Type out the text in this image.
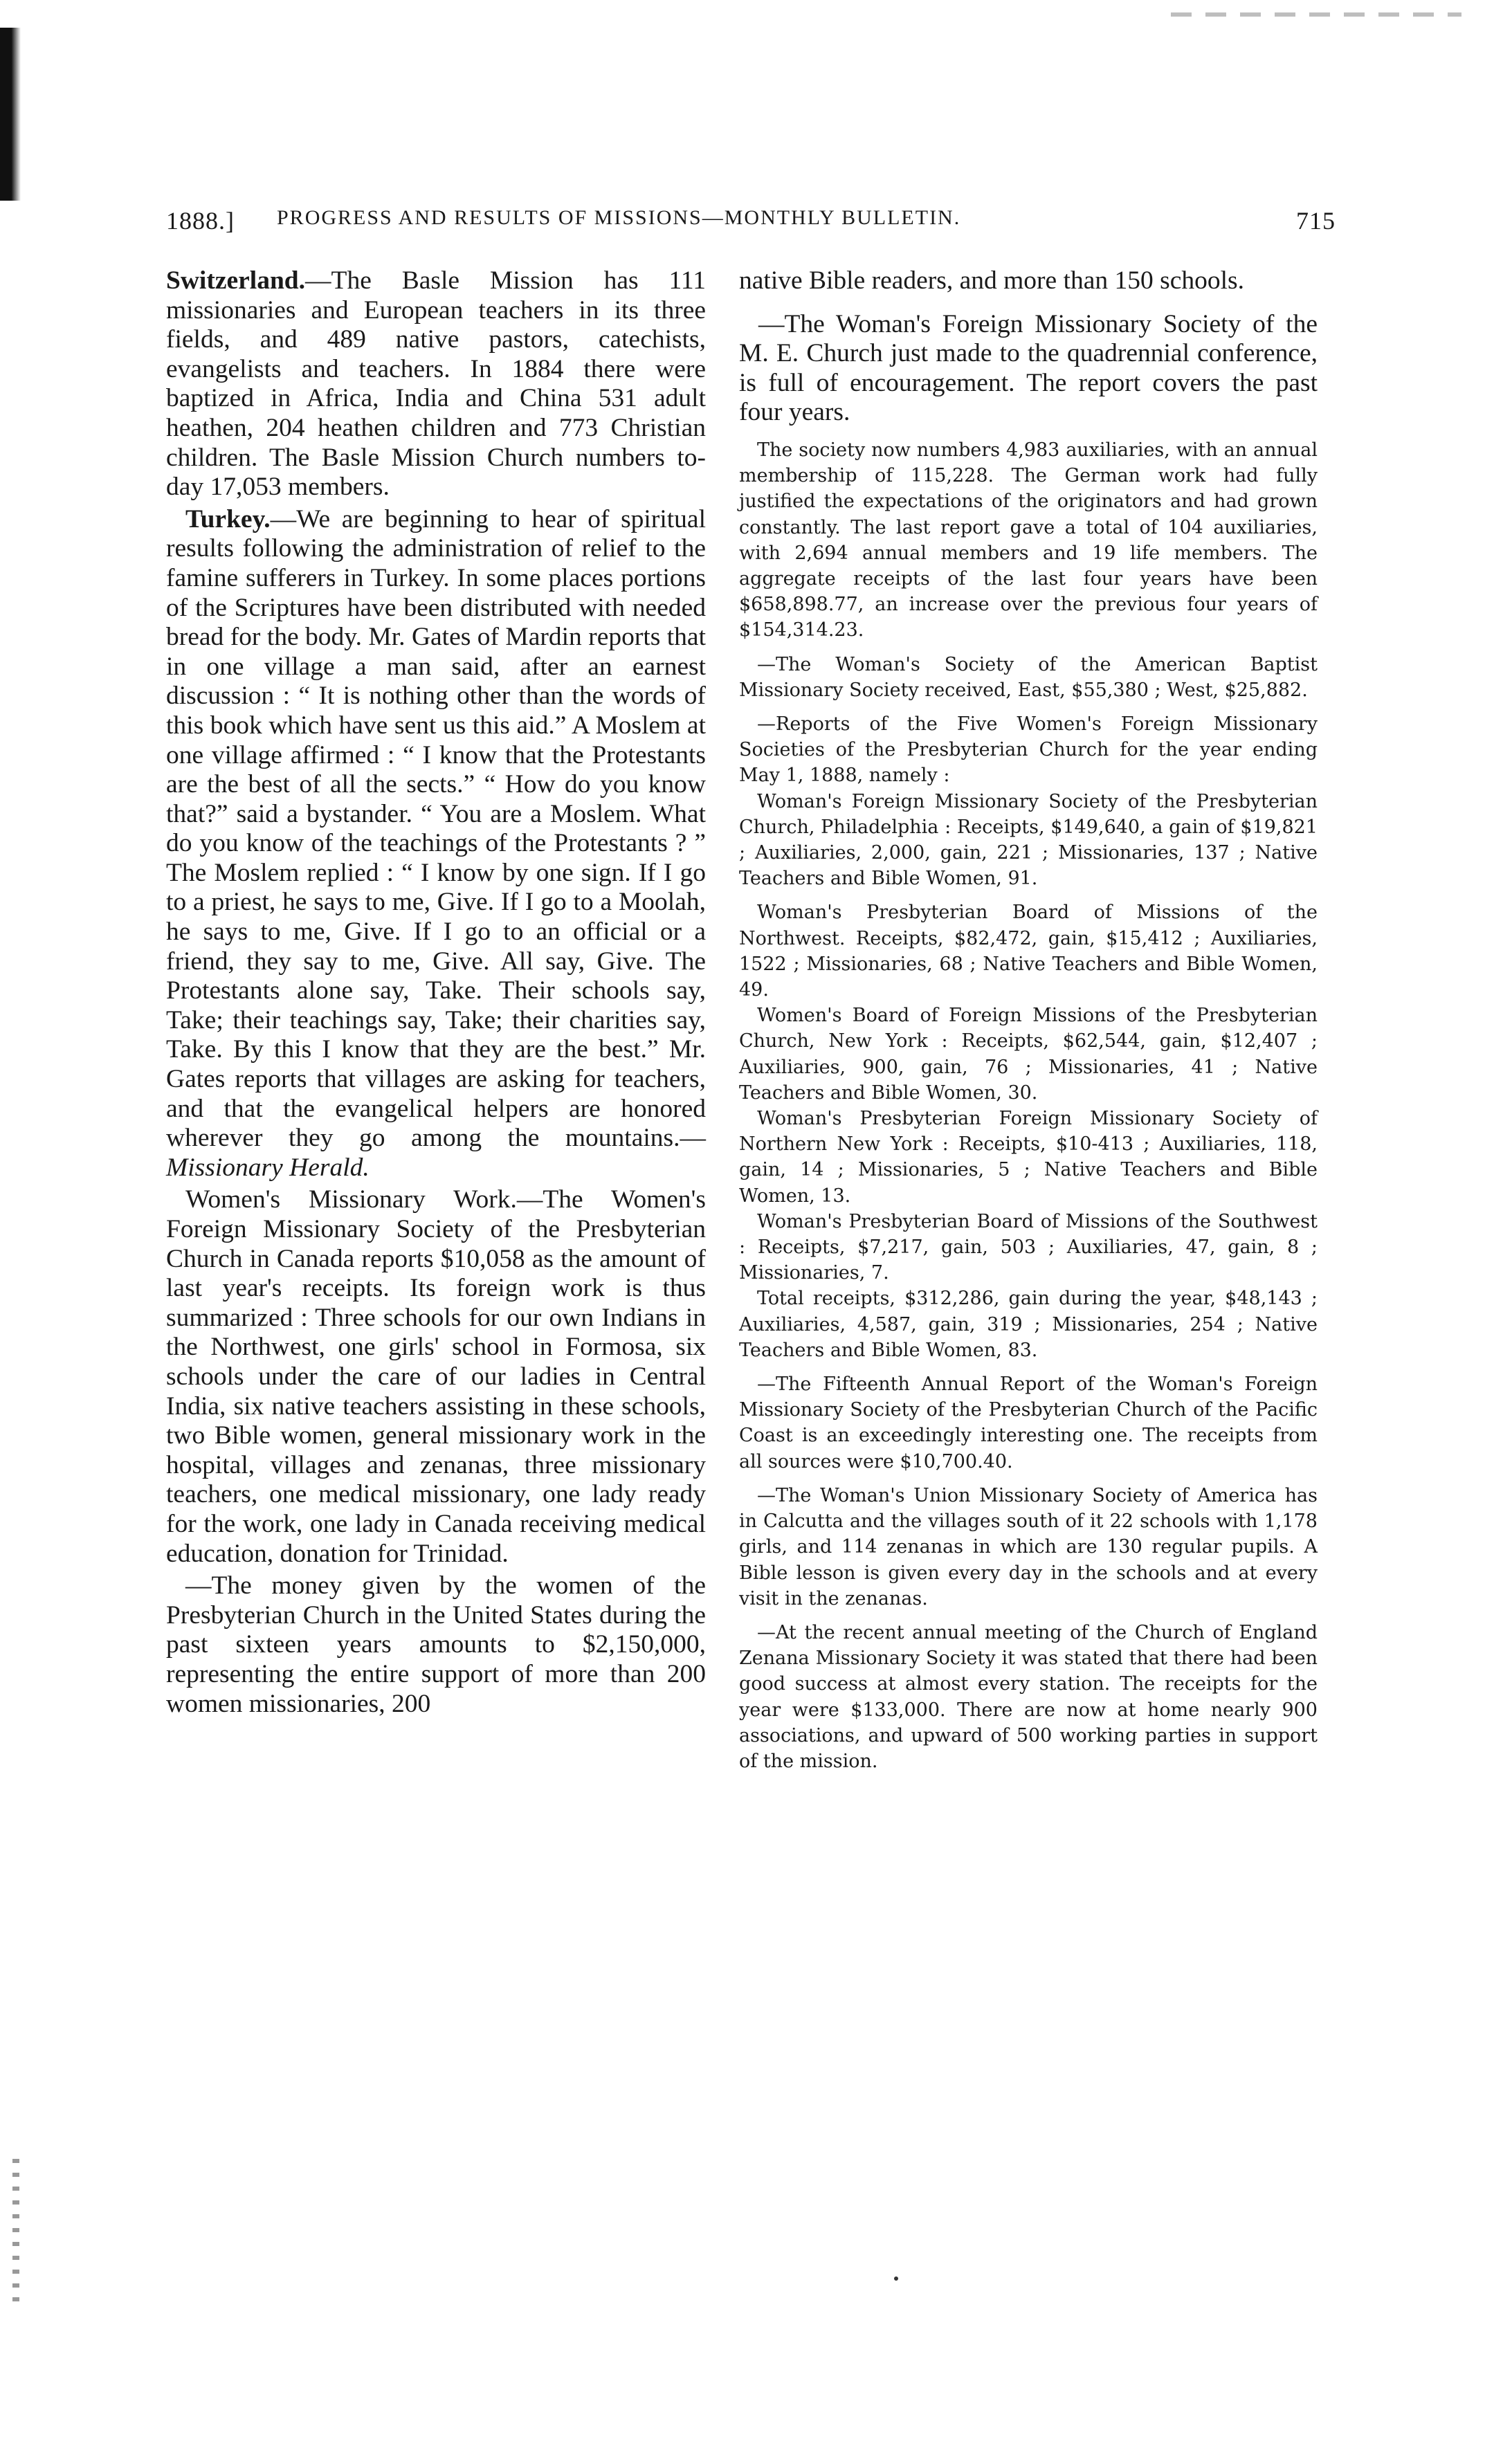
1888.] PROGRESS AND RESULTS OF MISSIONS—MONTHLY BULLETIN.	715

Switzerland.—The Basle Mission has 111 missionaries and European teachers in its three fields, and 489 native pastors, catechists, evangelists and teachers. In 1884 there were baptized in Africa, India and China 531 adult heathen, 204 heathen children and 773 Christian children. The Basle Mission Church numbers to-day 17,053 members.

Turkey.—We are beginning to hear of spiritual results following the administration of relief to the famine sufferers in Turkey. In some places portions of the Scriptures have been distributed with needed bread for the body. Mr. Gates of Mardin reports that in one village a man said, after an earnest discussion : “ It is nothing other than the words of this book which have sent us this aid.” A Moslem at one village affirmed : “ I know that the Protestants are the best of all the sects.” “ How do you know that?” said a bystander. “ You are a Moslem. What do you know of the teachings of the Protestants ? ” The Moslem replied : “ I know by one sign. If I go to a priest, he says to me, Give. If I go to a Moolah, he says to me, Give. If I go to an official or a friend, they say to me, Give. All say, Give. The Protestants alone say, Take. Their schools say, Take; their teachings say, Take; their charities say, Take. By this I know that they are the best.” Mr. Gates reports that villages are asking for teachers, and that the evangelical helpers are honored wherever they go among the mountains.—Missionary Herald.

Women's Missionary Work.—The Women's Foreign Missionary Society of the Presbyterian Church in Canada reports $10,058 as the amount of last year's receipts. Its foreign work is thus summarized : Three schools for our own Indians in the Northwest, one girls' school in Formosa, six schools under the care of our ladies in Central India, six native teachers assisting in these schools, two Bible women, general missionary work in the hospital, villages and zenanas, three missionary teachers, one medical missionary, one lady ready for the work, one lady in Canada receiving medical education, donation for Trinidad.

—The money given by the women of the Presbyterian Church in the United States during the past sixteen years amounts to $2,150,000, representing the entire support of more than 200 women missionaries, 200

native Bible readers, and more than 150 schools.

—The Woman's Foreign Missionary Society of the M. E. Church just made to the quadrennial conference, is full of encouragement. The report covers the past four years.

The society now numbers 4,983 auxiliaries, with an annual membership of 115,228. The German work had fully justified the expectations of the originators and had grown constantly. The last report gave a total of 104 auxiliaries, with 2,694 annual members and 19 life members. The aggregate receipts of the last four years have been $658,898.77, an increase over the previous four years of $154,314.23.

—The Woman's Society of the American Baptist Missionary Society received, East, $55,380 ; West, $25,882.

—Reports of the Five Women's Foreign Missionary Societies of the Presbyterian Church for the year ending May 1, 1888, namely :

Woman's Foreign Missionary Society of the Presbyterian Church, Philadelphia : Receipts, $149,640, a gain of $19,821 ; Auxiliaries, 2,000, gain, 221 ; Missionaries, 137 ; Native Teachers and Bible Women, 91.

Woman's Presbyterian Board of Missions of the Northwest. Receipts, $82,472, gain, $15,412 ; Auxiliaries, 1522 ; Missionaries, 68 ; Native Teachers and Bible Women, 49.

Women's Board of Foreign Missions of the Presbyterian Church, New York : Receipts, $62,544, gain, $12,407 ; Auxiliaries, 900, gain, 76 ; Missionaries, 41 ; Native Teachers and Bible Women, 30.

Woman's Presbyterian Foreign Missionary Society of Northern New York : Receipts, $10-413 ; Auxiliaries, 118, gain, 14 ; Missionaries, 5 ; Native Teachers and Bible Women, 13.

Woman's Presbyterian Board of Missions of the Southwest : Receipts, $7,217, gain, 503 ; Auxiliaries, 47, gain, 8 ; Missionaries, 7.

Total receipts, $312,286, gain during the year, $48,143 ; Auxiliaries, 4,587, gain, 319 ; Missionaries, 254 ; Native Teachers and Bible Women, 83.

—The Fifteenth Annual Report of the Woman's Foreign Missionary Society of the Presbyterian Church of the Pacific Coast is an exceedingly interesting one. The receipts from all sources were $10,700.40.

—The Woman's Union Missionary Society of America has in Calcutta and the villages south of it 22 schools with 1,178 girls, and 114 zenanas in which are 130 regular pupils. A Bible lesson is given every day in the schools and at every visit in the zenanas.

—At the recent annual meeting of the Church of England Zenana Missionary Society it was stated that there had been good success at almost every station. The receipts for the year were $133,000. There are now at home nearly 900 associations, and upward of 500 working parties in support of the mission.
